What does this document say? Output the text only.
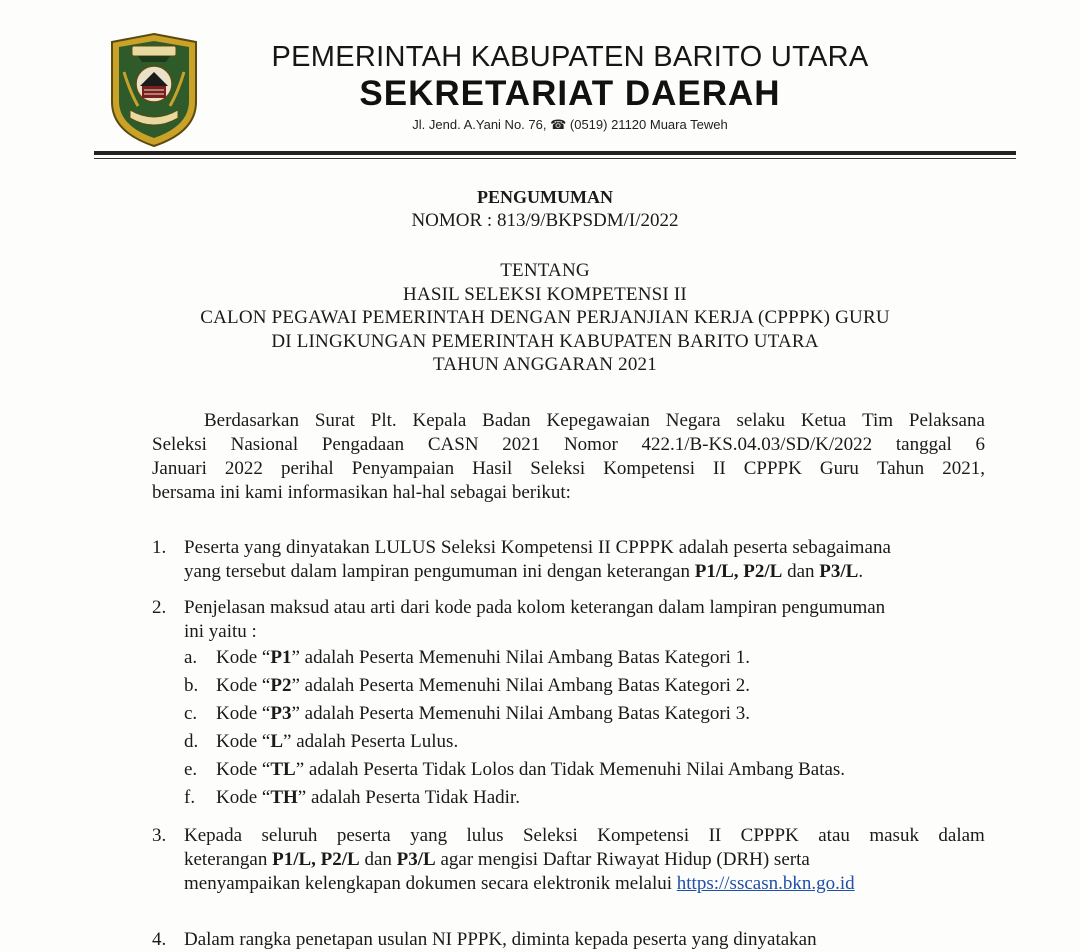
PEMERINTAH KABUPATEN BARITO UTARA
SEKRETARIAT DAERAH
Jl. Jend. A.Yani No. 76, ☎ (0519) 21120 Muara Teweh
PENGUMUMAN
NOMOR : 813/9/BKPSDM/I/2022
TENTANG
HASIL SELEKSI KOMPETENSI II
CALON PEGAWAI PEMERINTAH DENGAN PERJANJIAN KERJA (CPPPK) GURU
DI LINGKUNGAN PEMERINTAH KABUPATEN BARITO UTARA
TAHUN ANGGARAN 2021
Berdasarkan Surat Plt. Kepala Badan Kepegawaian Negara selaku Ketua Tim Pelaksana
Seleksi Nasional Pengadaan CASN 2021 Nomor 422.1/B-KS.04.03/SD/K/2022 tanggal 6
Januari 2022 perihal Penyampaian Hasil Seleksi Kompetensi II CPPPK Guru Tahun 2021,
bersama ini kami informasikan hal-hal sebagai berikut:
1. Peserta yang dinyatakan LULUS Seleksi Kompetensi II CPPPK adalah peserta sebagaimana
yang tersebut dalam lampiran pengumuman ini dengan keterangan P1/L, P2/L dan P3/L.
2. Penjelasan maksud atau arti dari kode pada kolom keterangan dalam lampiran pengumuman
ini yaitu :
a. Kode “P1” adalah Peserta Memenuhi Nilai Ambang Batas Kategori 1.
b. Kode “P2” adalah Peserta Memenuhi Nilai Ambang Batas Kategori 2.
c. Kode “P3” adalah Peserta Memenuhi Nilai Ambang Batas Kategori 3.
d. Kode “L” adalah Peserta Lulus.
e. Kode “TL” adalah Peserta Tidak Lolos dan Tidak Memenuhi Nilai Ambang Batas.
f. Kode “TH” adalah Peserta Tidak Hadir.
3. Kepada seluruh peserta yang lulus Seleksi Kompetensi II CPPPK atau masuk dalam
keterangan P1/L, P2/L dan P3/L agar mengisi Daftar Riwayat Hidup (DRH) serta
menyampaikan kelengkapan dokumen secara elektronik melalui https://sscasn.bkn.go.id
4. Dalam rangka penetapan usulan NI PPPK, diminta kepada peserta yang dinyatakan
